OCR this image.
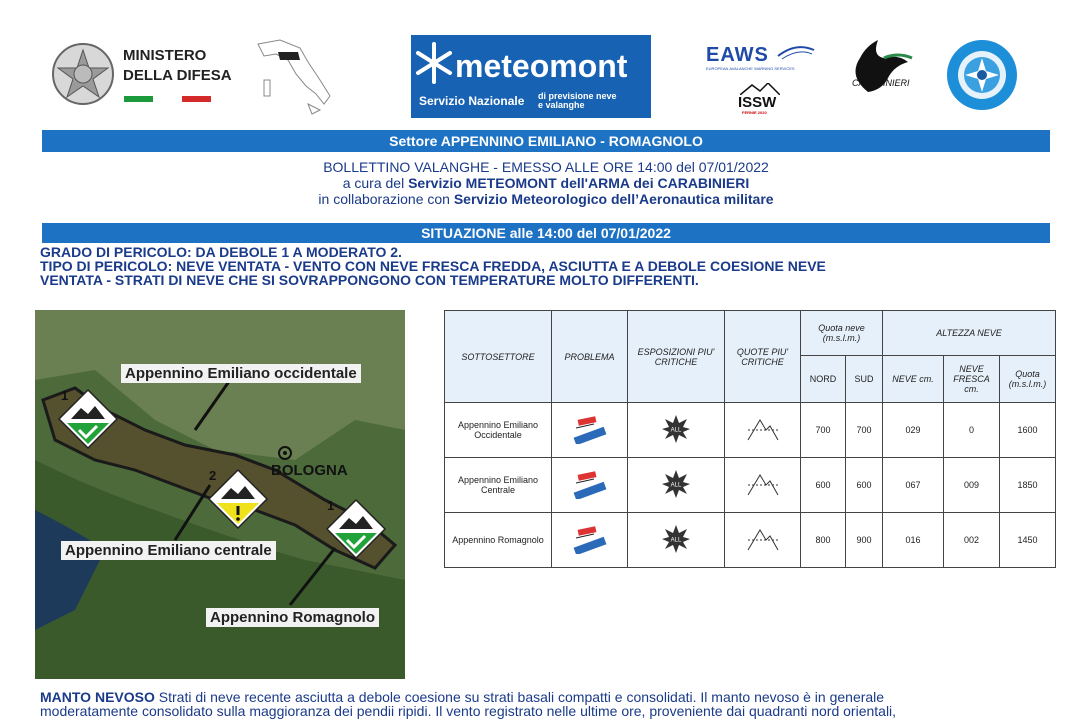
MINISTERO
DELLA DIFESA	meteomont
Servizio Nazionale di previsione neve
e valanghe
EAWS
EUROPEAN AVALANCHE WARNING SERVICES
ISSW
FERNIE 2020
CARABINIERI
Settore APPENNINO EMILIANO - ROMAGNOLO
BOLLETTINO VALANGHE - EMESSO ALLE ORE 14:00 del 07/01/2022
a cura del Servizio METEOMONT dell'ARMA dei CARABINIERI
in collaborazione con Servizio Meteorologico dell’Aeronautica militare
SITUAZIONE alle 14:00 del 07/01/2022
GRADO DI PERICOLO: DA DEBOLE 1 A MODERATO 2.
TIPO DI PERICOLO: NEVE VENTATA - VENTO CON NEVE FRESCA FREDDA, ASCIUTTA E A DEBOLE COESIONE NEVE
VENTATA - STRATI DI NEVE CHE SI SOVRAPPONGONO CON TEMPERATURE MOLTO DIFFERENTI.
Appennino Emiliano occidentale
BOLOGNA
Appennino Emiliano centrale
Appennino Romagnolo
1
2
1
SOTTOSETTORE	PROBLEMA	ESPOSIZIONI PIU' CRITICHE	QUOTE PIU' CRITICHE	Quota neve (m.s.l.m.)		ALTEZZA NEVE		
				NORD	SUD	NEVE cm.	NEVE FRESCA cm.	Quota (m.s.l.m.)
Appennino Emiliano Occidentale		ALL		700	700	029	0	1600
Appennino Emiliano Centrale		ALL		600	600	067	009	1850
Appennino Romagnolo		ALL		800	900	016	002	1450
MANTO NEVOSO Strati di neve recente asciutta a debole coesione su strati basali compatti e consolidati. Il manto nevoso è in generale
moderatamente consolidato sulla maggioranza dei pendii ripidi. Il vento registrato nelle ultime ore, proveniente dai quadranti nord orientali,
